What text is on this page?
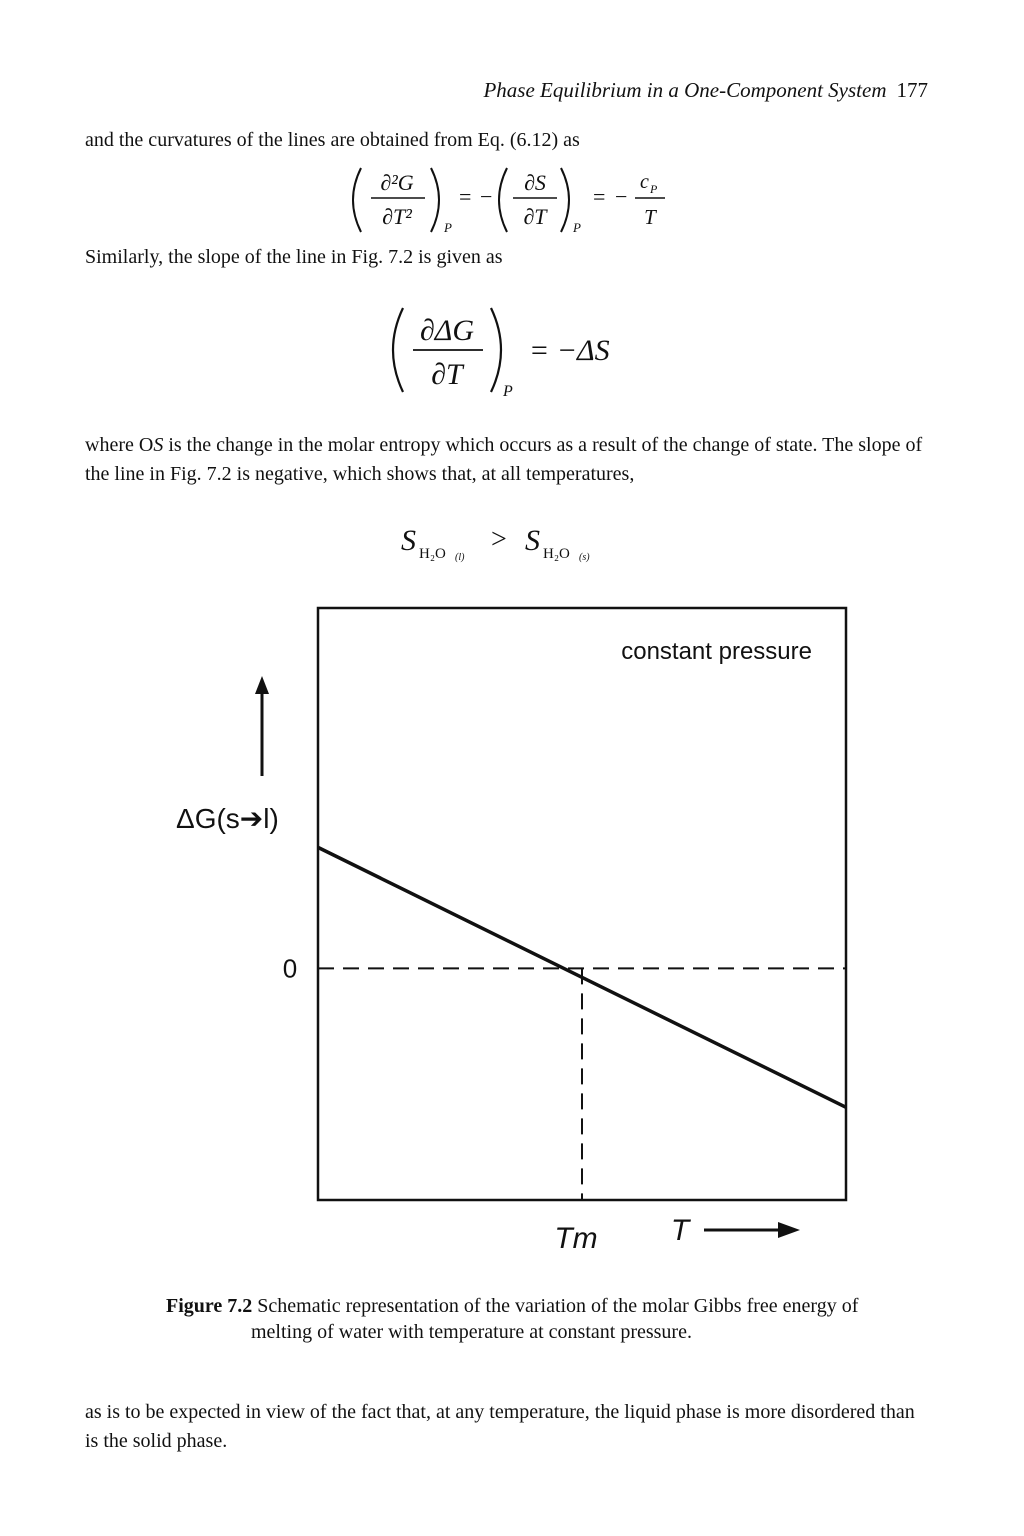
Phase Equilibrium in a One-Component System 177
and the curvatures of the lines are obtained from Eq. (6.12) as
∂²G
∂T² P
= −
∂S
∂T P
= −
c P
T
Similarly, the slope of the line in Fig. 7.2 is given as
∂ΔG
∂T
P
= −ΔS
where OS is the change in the molar entropy which occurs as a result of the change of state. The slope of the line in Fig. 7.2 is negative, which shows that, at all temperatures,
S H₂O (l)
> S H₂O (s)
constant pressure
ΔG(s➔l)
0
Tm T
Figure 7.2 Schematic representation of the variation of the molar Gibbs free energy of melting of water with temperature at constant pressure.
as is to be expected in view of the fact that, at any temperature, the liquid phase is more disordered than is the solid phase.
